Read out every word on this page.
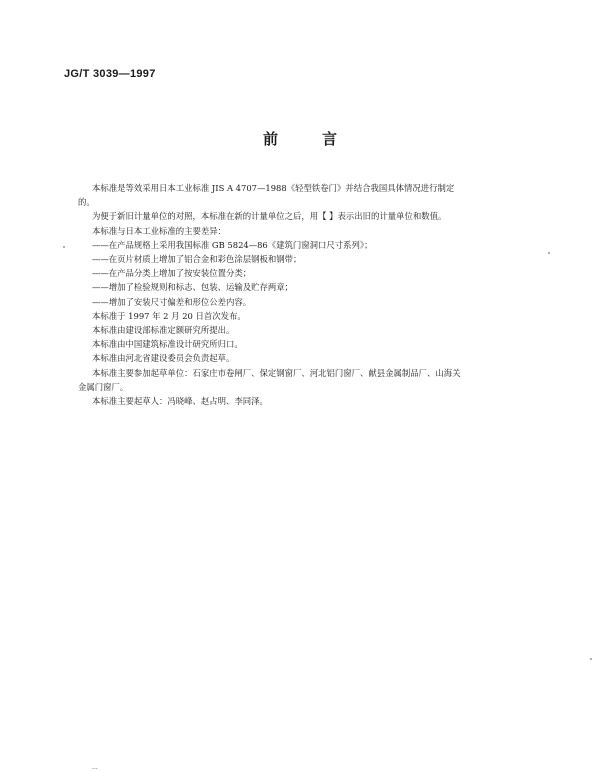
JG/T 3039—1997
前言

本标准是等效采用日本工业标准 JIS A 4707—1988《轻型铁卷门》并结合我国具体情况进行制定

的。

为便于新旧计量单位的对照，本标准在新的计量单位之后，用【 】表示出旧的计量单位和数值。

本标准与日本工业标准的主要差异：

——在产品规格上采用我国标准 GB 5824—86《建筑门窗洞口尺寸系列》；

——在页片材质上增加了铝合金和彩色涂层钢板和钢带；

——在产品分类上增加了按安装位置分类；

——增加了检验规则和标志、包装、运输及贮存两章；

——增加了安装尺寸偏差和形位公差内容。

本标准于 1997 年 2 月 20 日首次发布。

本标准由建设部标准定额研究所提出。

本标准由中国建筑标准设计研究所归口。

本标准由河北省建设委员会负责起草。

本标准主要参加起草单位：石家庄市卷闸厂、保定钢窗厂、河北铝门窗厂、献县金属制品厂、山海关

金属门窗厂。

本标准主要起草人：冯晓峰、赵占明、李同泽。

...
